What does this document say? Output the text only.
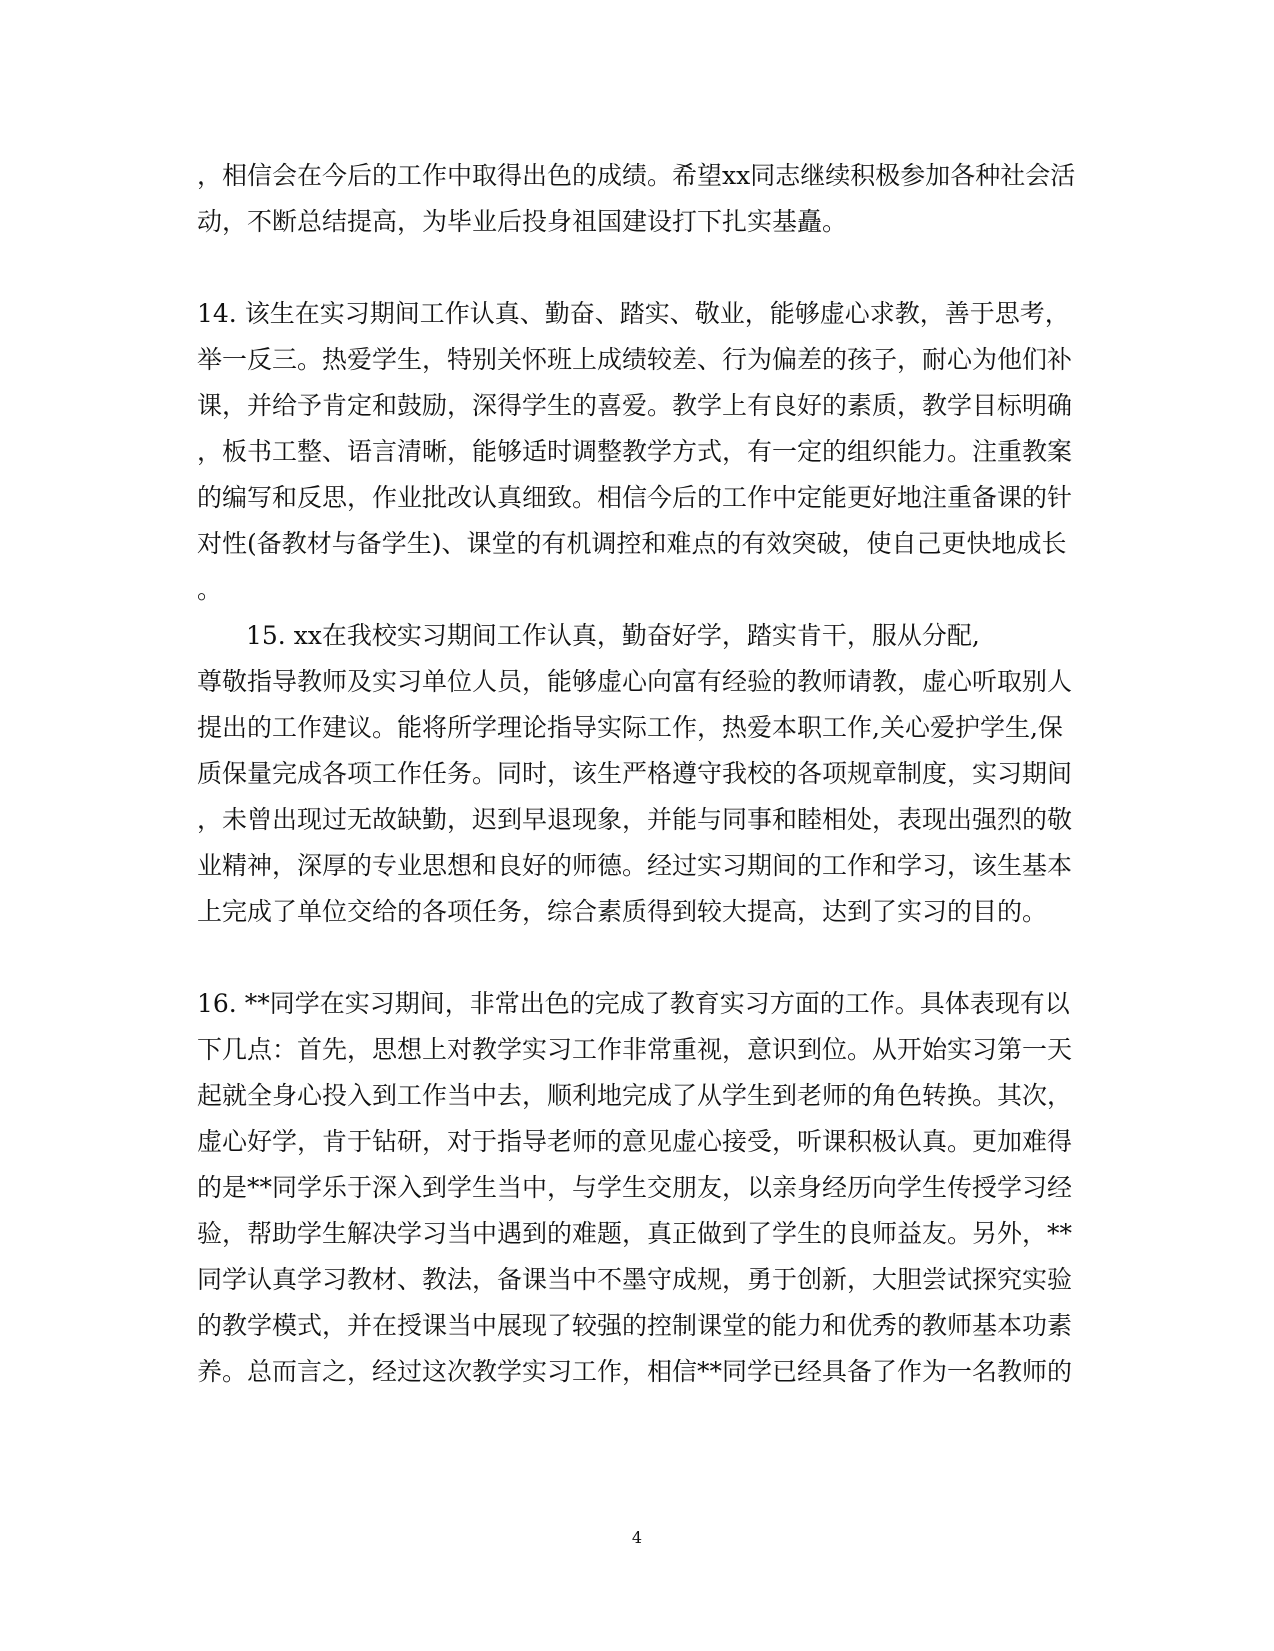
，相信会在今后的工作中取得出色的成绩。希望xx同志继续积极参加各种社会活
动，不断总结提高，为毕业后投身祖国建设打下扎实基矗。
14. 该生在实习期间工作认真、勤奋、踏实、敬业，能够虚心求教，善于思考，
举一反三。热爱学生，特别关怀班上成绩较差、行为偏差的孩子，耐心为他们补
课，并给予肯定和鼓励，深得学生的喜爱。教学上有良好的素质，教学目标明确
，板书工整、语言清晰，能够适时调整教学方式，有一定的组织能力。注重教案
的编写和反思，作业批改认真细致。相信今后的工作中定能更好地注重备课的针
对性(备教材与备学生)、课堂的有机调控和难点的有效突破，使自己更快地成长
。
15. xx在我校实习期间工作认真，勤奋好学，踏实肯干，服从分配,
尊敬指导教师及实习单位人员，能够虚心向富有经验的教师请教，虚心听取别人
提出的工作建议。能将所学理论指导实际工作，热爱本职工作,关心爱护学生,保
质保量完成各项工作任务。同时，该生严格遵守我校的各项规章制度，实习期间
，未曾出现过无故缺勤，迟到早退现象，并能与同事和睦相处，表现出强烈的敬
业精神，深厚的专业思想和良好的师德。经过实习期间的工作和学习，该生基本
上完成了单位交给的各项任务，综合素质得到较大提高，达到了实习的目的。
16. **同学在实习期间，非常出色的完成了教育实习方面的工作。具体表现有以
下几点：首先，思想上对教学实习工作非常重视，意识到位。从开始实习第一天
起就全身心投入到工作当中去，顺利地完成了从学生到老师的角色转换。其次，
虚心好学，肯于钻研，对于指导老师的意见虚心接受，听课积极认真。更加难得
的是**同学乐于深入到学生当中，与学生交朋友，以亲身经历向学生传授学习经
验，帮助学生解决学习当中遇到的难题，真正做到了学生的良师益友。另外，**
同学认真学习教材、教法，备课当中不墨守成规，勇于创新，大胆尝试探究实验
的教学模式，并在授课当中展现了较强的控制课堂的能力和优秀的教师基本功素
养。总而言之，经过这次教学实习工作，相信**同学已经具备了作为一名教师的
4
